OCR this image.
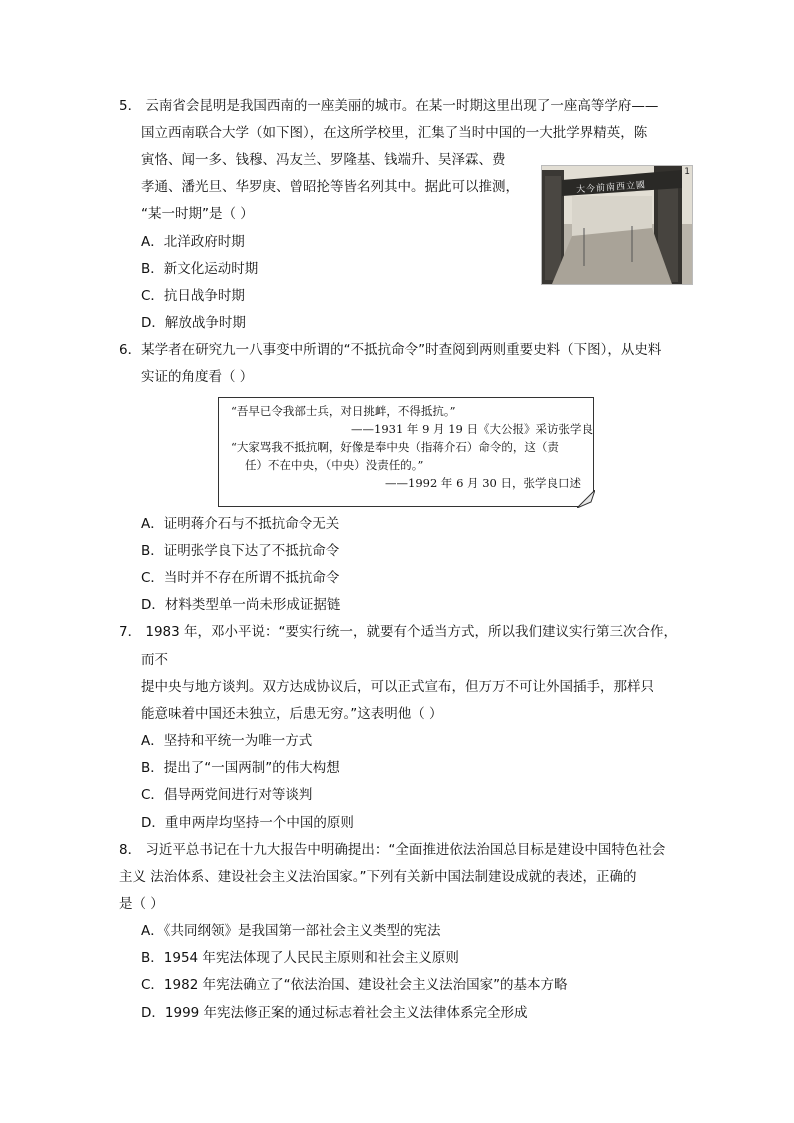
5． 云南省会昆明是我国西南的一座美丽的城市。在某一时期这里出现了一座高等学府——
国立西南联合大学（如下图），在这所学校里，汇集了当时中国的一大批学界精英，陈
寅恪、闻一多、钱穆、冯友兰、罗隆基、钱端升、吴泽霖、费
孝通、潘光旦、华罗庚、曾昭抡等皆名列其中。据此可以推测，
“某一时期”是（ ）
A．北洋政府时期
B．新文化运动时期
C．抗日战争时期
D．解放战争时期
大今前南西立國
1
6．某学者在研究九一八事变中所谓的“不抵抗命令”时查阅到两则重要史料（下图），从史料
实证的角度看（ ）
“吾早已令我部士兵，对日挑衅，不得抵抗。”
——1931 年 9 月 19 日《大公报》采访张学良
“大家骂我不抵抗啊，好像是奉中央（指蒋介石）命令的，这（责
任）不在中央，（中央）没责任的。”
——1992 年 6 月 30 日，张学良口述
A．证明蒋介石与不抵抗命令无关
B．证明张学良下达了不抵抗命令
C．当时并不存在所谓不抵抗命令
D．材料类型单一尚未形成证据链
7． 1983 年，邓小平说：“要实行统一，就要有个适当方式，所以我们建议实行第三次合作，
而不
提中央与地方谈判。双方达成协议后，可以正式宣布，但万万不可让外国插手，那样只
能意味着中国还未独立，后患无穷。”这表明他（ ）
A．坚持和平统一为唯一方式
B．提出了“一国两制”的伟大构想
C．倡导两党间进行对等谈判
D．重申两岸均坚持一个中国的原则
8． 习近平总书记在十九大报告中明确提出：“全面推进依法治国总目标是建设中国特色社会
主义 法治体系、建设社会主义法治国家。”下列有关新中国法制建设成就的表述，正确的
是（ ）
A．《共同纲领》是我国第一部社会主义类型的宪法
B．1954 年宪法体现了人民民主原则和社会主义原则
C．1982 年宪法确立了“依法治国、建设社会主义法治国家”的基本方略
D．1999 年宪法修正案的通过标志着社会主义法律体系完全形成
